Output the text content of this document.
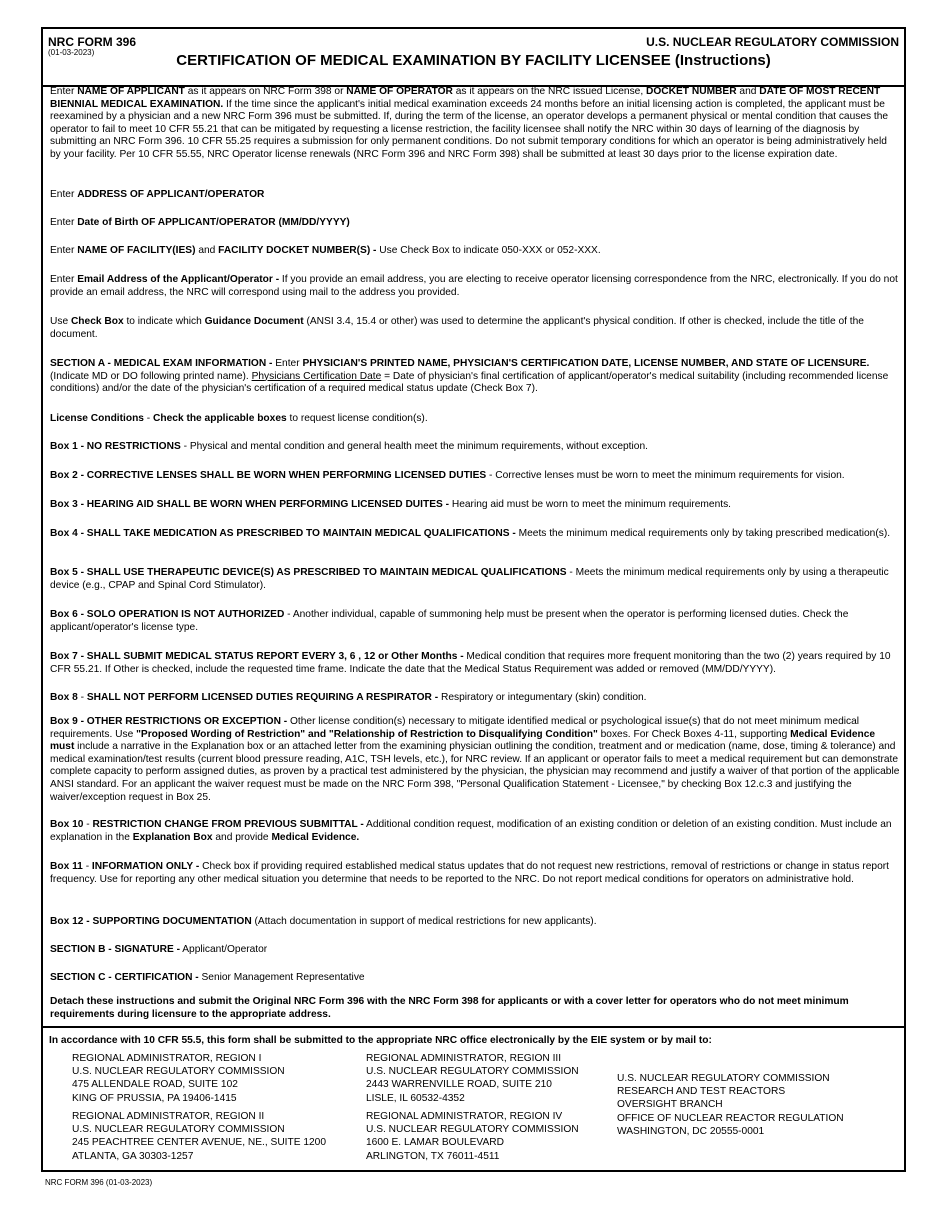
NRC FORM 396
(01-03-2023)
U.S. NUCLEAR REGULATORY COMMISSION
CERTIFICATION OF MEDICAL EXAMINATION BY FACILITY LICENSEE (Instructions)

Enter NAME OF APPLICANT as it appears on NRC Form 398 or NAME OF OPERATOR as it appears on the NRC issued License, DOCKET NUMBER and DATE OF MOST RECENT BIENNIAL MEDICAL EXAMINATION. If the time since the applicant's initial medical examination exceeds 24 months before an initial licensing action is completed, the applicant must be reexamined by a physician and a new NRC Form 396 must be submitted. If, during the term of the license, an operator develops a permanent physical or mental condition that causes the operator to fail to meet 10 CFR 55.21 that can be mitigated by requesting a license restriction, the facility licensee shall notify the NRC within 30 days of learning of the diagnosis by submitting an NRC Form 396. 10 CFR 55.25 requires a submission for only permanent conditions. Do not submit temporary conditions for which an operator is being administratively held by your facility. Per 10 CFR 55.55, NRC Operator license renewals (NRC Form 396 and NRC Form 398) shall be submitted at least 30 days prior to the license expiration date.

Enter ADDRESS OF APPLICANT/OPERATOR

Enter Date of Birth OF APPLICANT/OPERATOR (MM/DD/YYYY)

Enter NAME OF FACILITY(IES) and FACILITY DOCKET NUMBER(S) - Use Check Box to indicate 050-XXX or 052-XXX.

Enter Email Address of the Applicant/Operator - If you provide an email address, you are electing to receive operator licensing correspondence from the NRC, electronically. If you do not provide an email address, the NRC will correspond using mail to the address you provided.

Use Check Box to indicate which Guidance Document (ANSI 3.4, 15.4 or other) was used to determine the applicant's physical condition. If other is checked, include the title of the document.

SECTION A - MEDICAL EXAM INFORMATION - Enter PHYSICIAN'S PRINTED NAME, PHYSICIAN'S CERTIFICATION DATE, LICENSE NUMBER, AND STATE OF LICENSURE. (Indicate MD or DO following printed name). Physicians Certification Date = Date of physician's final certification of applicant/operator's medical suitability (including recommended license conditions) and/or the date of the physician's certification of a required medical status update (Check Box 7).

License Conditions - Check the applicable boxes to request license condition(s).

Box 1 - NO RESTRICTIONS - Physical and mental condition and general health meet the minimum requirements, without exception.

Box 2 - CORRECTIVE LENSES SHALL BE WORN WHEN PERFORMING LICENSED DUTIES - Corrective lenses must be worn to meet the minimum requirements for vision.

Box 3 - HEARING AID SHALL BE WORN WHEN PERFORMING LICENSED DUITES - Hearing aid must be worn to meet the minimum requirements.

Box 4 - SHALL TAKE MEDICATION AS PRESCRIBED TO MAINTAIN MEDICAL QUALIFICATIONS - Meets the minimum medical requirements only by taking prescribed medication(s).

Box 5 - SHALL USE THERAPEUTIC DEVICE(S) AS PRESCRIBED TO MAINTAIN MEDICAL QUALIFICATIONS - Meets the minimum medical requirements only by using a therapeutic device (e.g., CPAP and Spinal Cord Stimulator).

Box 6 - SOLO OPERATION IS NOT AUTHORIZED - Another individual, capable of summoning help must be present when the operator is performing licensed duties. Check the applicant/operator's license type.

Box 7 - SHALL SUBMIT MEDICAL STATUS REPORT EVERY 3, 6 , 12 or Other Months - Medical condition that requires more frequent monitoring than the two (2) years required by 10 CFR 55.21. If Other is checked, include the requested time frame. Indicate the date that the Medical Status Requirement was added or removed (MM/DD/YYYY).

Box 8 - SHALL NOT PERFORM LICENSED DUTIES REQUIRING A RESPIRATOR - Respiratory or integumentary (skin) condition.

Box 9 - OTHER RESTRICTIONS OR EXCEPTION - Other license condition(s) necessary to mitigate identified medical or psychological issue(s) that do not meet minimum medical requirements. Use "Proposed Wording of Restriction" and "Relationship of Restriction to Disqualifying Condition" boxes. For Check Boxes 4-11, supporting Medical Evidence must include a narrative in the Explanation box or an attached letter from the examining physician outlining the condition, treatment and or medication (name, dose, timing & tolerance) and medical examination/test results (current blood pressure reading, A1C, TSH levels, etc.), for NRC review. If an applicant or operator fails to meet a medical requirement but can demonstrate complete capacity to perform assigned duties, as proven by a practical test administered by the physician, the physician may recommend and justify a waiver of that portion of the applicable ANSI standard. For an applicant the waiver request must be made on the NRC Form 398, "Personal Qualification Statement - Licensee," by checking Box 12.c.3 and justifying the waiver/exception request in Box 25.

Box 10 - RESTRICTION CHANGE FROM PREVIOUS SUBMITTAL - Additional condition request, modification of an existing condition or deletion of an existing condition. Must include an explanation in the Explanation Box and provide Medical Evidence.

Box 11 - INFORMATION ONLY - Check box if providing required established medical status updates that do not request new restrictions, removal of restrictions or change in status report frequency. Use for reporting any other medical situation you determine that needs to be reported to the NRC. Do not report medical conditions for operators on administrative hold.

Box 12 - SUPPORTING DOCUMENTATION (Attach documentation in support of medical restrictions for new applicants).

SECTION B - SIGNATURE - Applicant/Operator

SECTION C - CERTIFICATION - Senior Management Representative

Detach these instructions and submit the Original NRC Form 396 with the NRC Form 398 for applicants or with a cover letter for operators who do not meet minimum requirements during licensure to the appropriate address.

In accordance with 10 CFR 55.5, this form shall be submitted to the appropriate NRC office electronically by the EIE system or by mail to:
REGIONAL ADMINISTRATOR, REGION I
U.S. NUCLEAR REGULATORY COMMISSION
475 ALLENDALE ROAD, SUITE 102
KING OF PRUSSIA, PA 19406-1415
REGIONAL ADMINISTRATOR, REGION II
U.S. NUCLEAR REGULATORY COMMISSION
245 PEACHTREE CENTER AVENUE, NE., SUITE 1200
ATLANTA, GA 30303-1257
REGIONAL ADMINISTRATOR, REGION III
U.S. NUCLEAR REGULATORY COMMISSION
2443 WARRENVILLE ROAD, SUITE 210
LISLE, IL 60532-4352
REGIONAL ADMINISTRATOR, REGION IV
U.S. NUCLEAR REGULATORY COMMISSION
1600 E. LAMAR BOULEVARD
ARLINGTON, TX 76011-4511
U.S. NUCLEAR REGULATORY COMMISSION
RESEARCH AND TEST REACTORS
OVERSIGHT BRANCH
OFFICE OF NUCLEAR REACTOR REGULATION
WASHINGTON, DC 20555-0001
NRC FORM 396 (01-03-2023)
